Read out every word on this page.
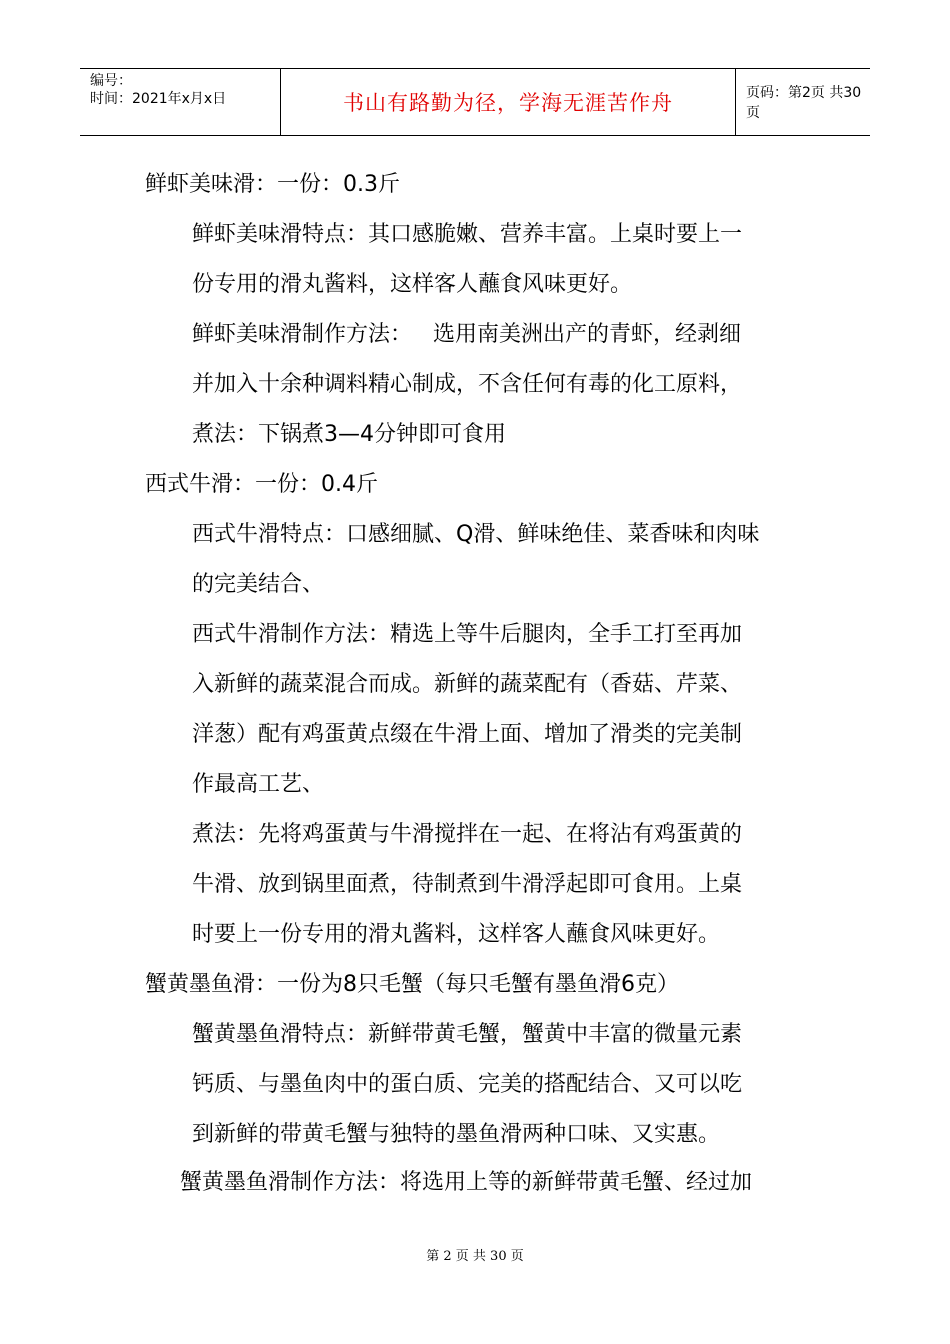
编号：
时间：2021年x月x日	书山有路勤为径，学海无涯苦作舟	页码：第2页 共30页
鲜虾美味滑：一份：0.3斤
鲜虾美味滑特点：其口感脆嫩、营养丰富。上桌时要上一
份专用的滑丸酱料，这样客人蘸食风味更好。
鲜虾美味滑制作方法：   选用南美洲出产的青虾，经剥细
并加入十余种调料精心制成，不含任何有毒的化工原料，
煮法：下锅煮3—4分钟即可食用
西式牛滑：一份：0.4斤
西式牛滑特点：口感细腻、Q滑、鲜味绝佳、菜香味和肉味
的完美结合、
西式牛滑制作方法：精选上等牛后腿肉，全手工打至再加
入新鲜的蔬菜混合而成。新鲜的蔬菜配有（香菇、芹菜、
洋葱）配有鸡蛋黄点缀在牛滑上面、增加了滑类的完美制
作最高工艺、
煮法：先将鸡蛋黄与牛滑搅拌在一起、在将沾有鸡蛋黄的
牛滑、放到锅里面煮，待制煮到牛滑浮起即可食用。上桌
时要上一份专用的滑丸酱料，这样客人蘸食风味更好。
蟹黄墨鱼滑：一份为8只毛蟹（每只毛蟹有墨鱼滑6克）
蟹黄墨鱼滑特点：新鲜带黄毛蟹，蟹黄中丰富的微量元素
钙质、与墨鱼肉中的蛋白质、完美的搭配结合、又可以吃
到新鲜的带黄毛蟹与独特的墨鱼滑两种口味、又实惠。
蟹黄墨鱼滑制作方法：将选用上等的新鲜带黄毛蟹、经过加
第 2 页 共 30 页
